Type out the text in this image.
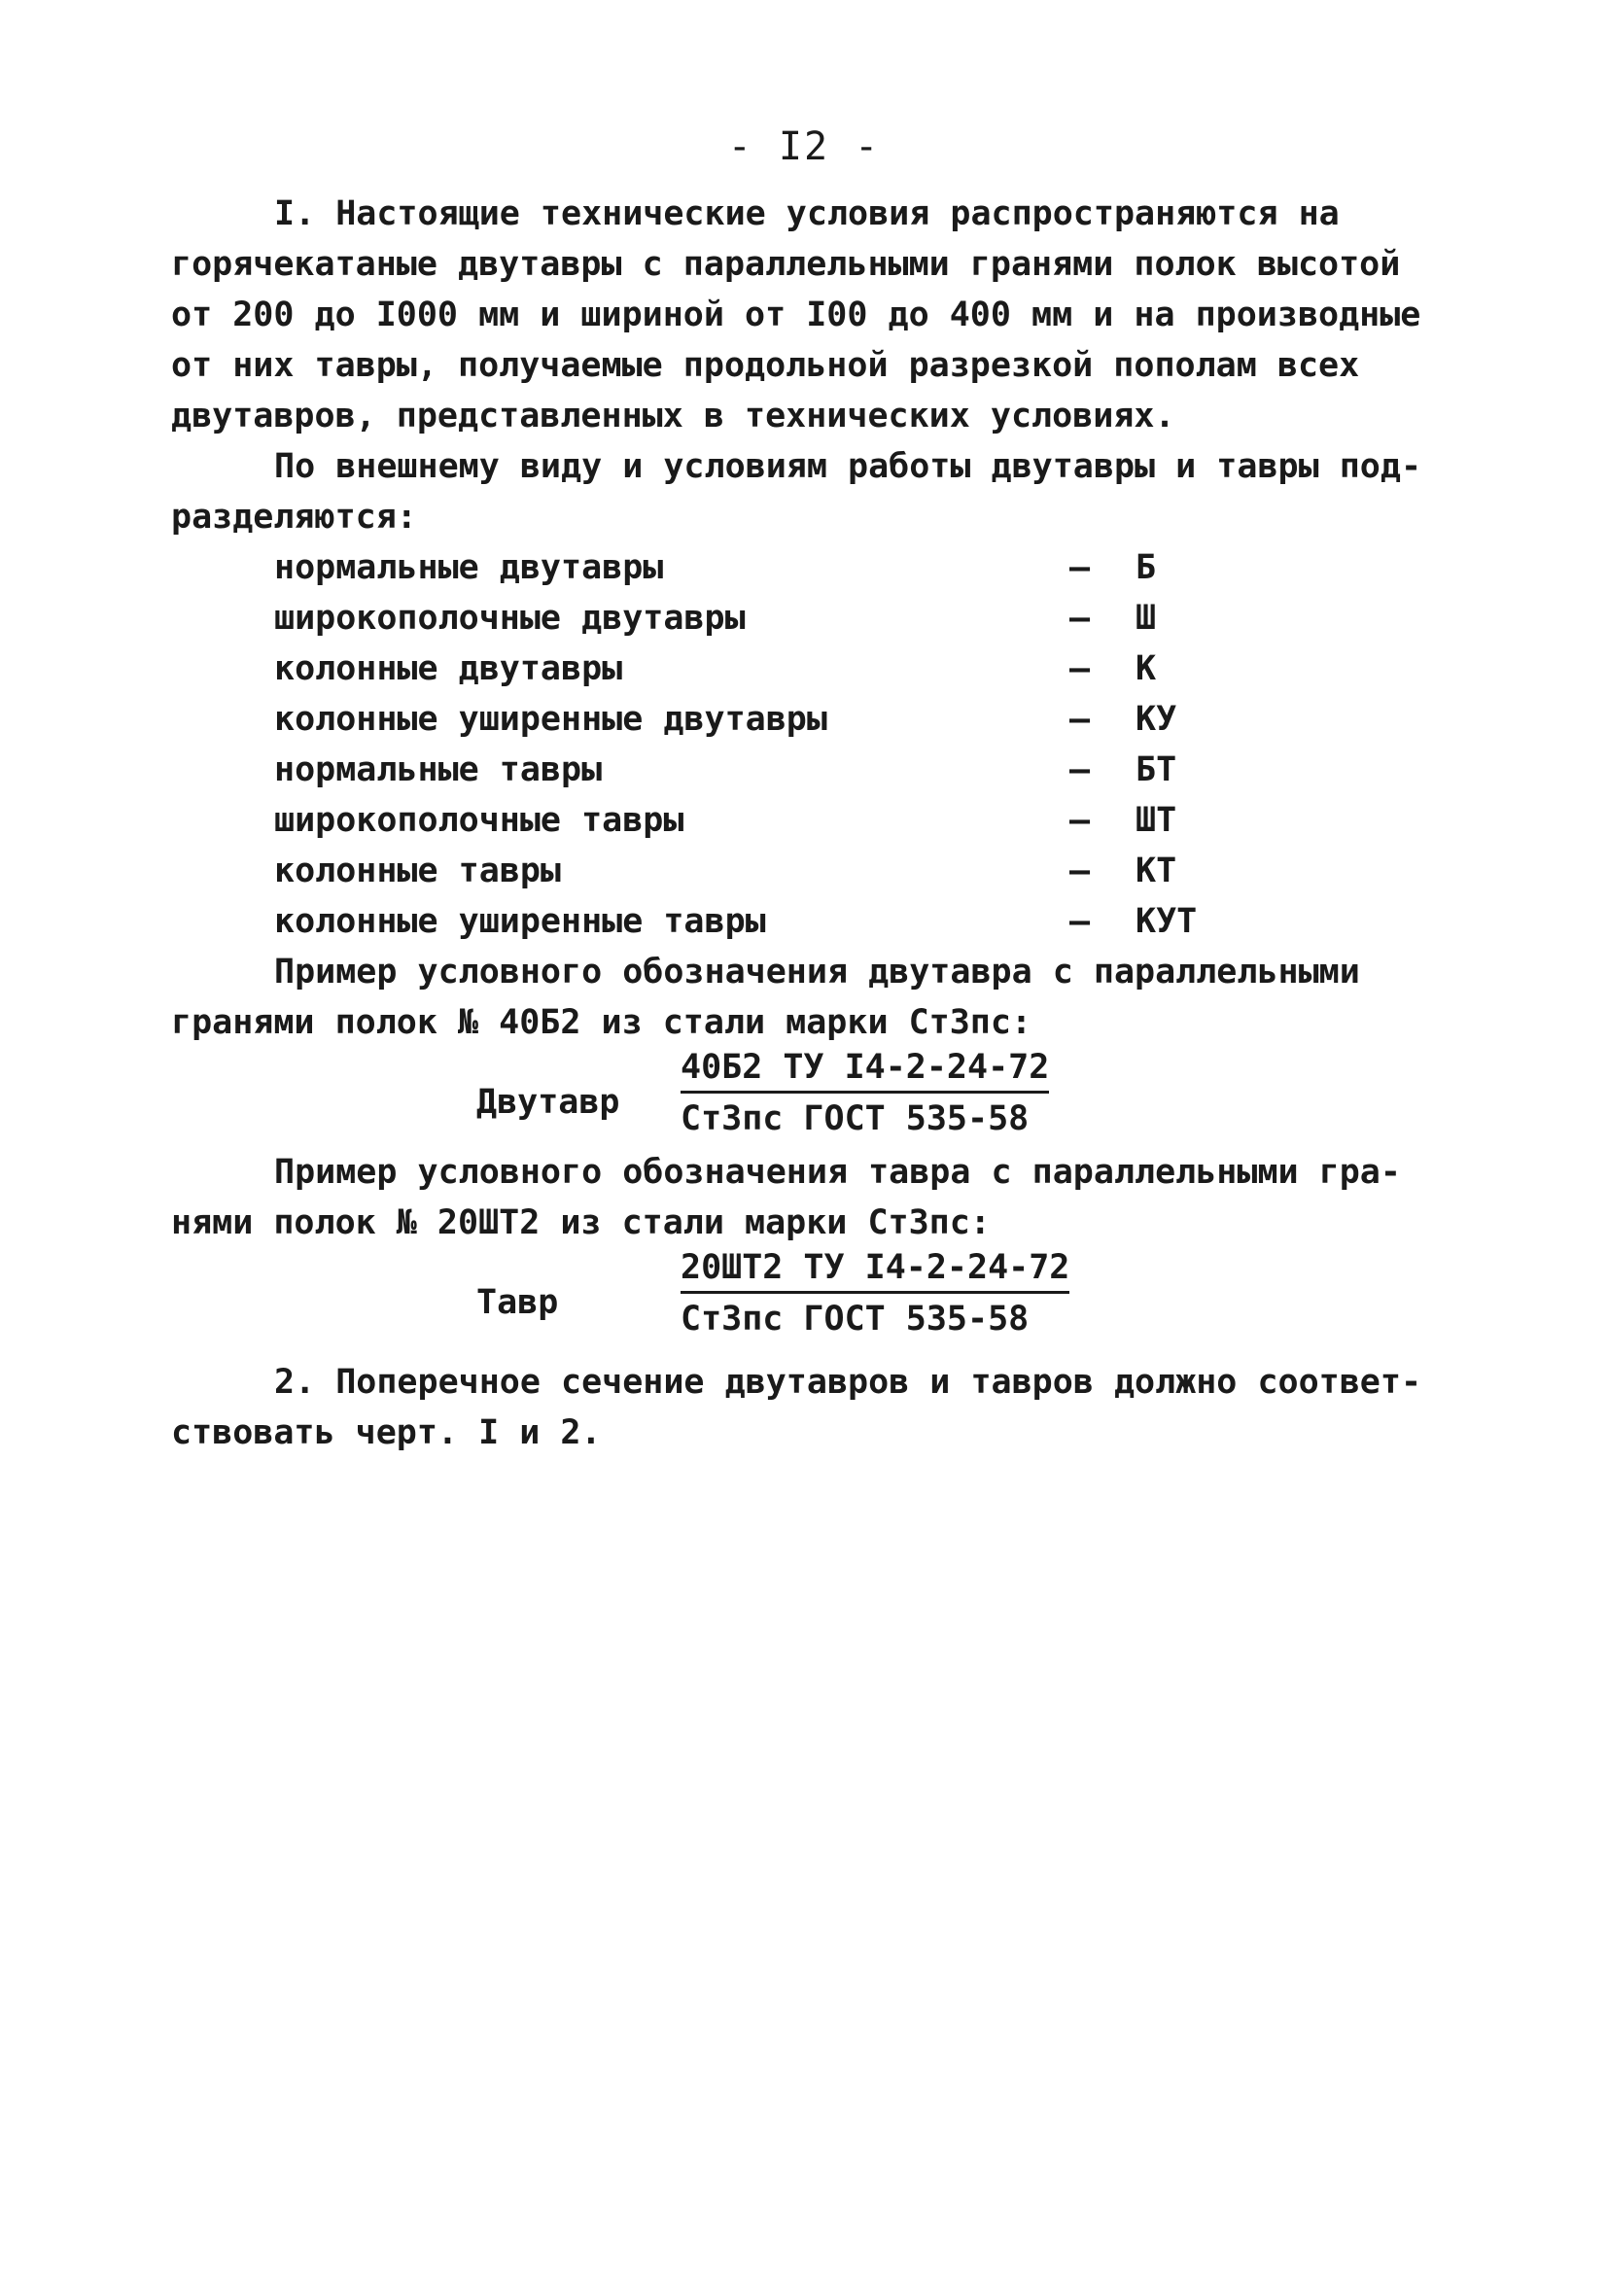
- I2 -
I. Настоящие технические условия распространяются на
горячекатаные двутавры с параллельными гранями полок высотой
от 200 до I000 мм и шириной от I00 до 400 мм и на производные
от них тавры, получаемые продольной разрезкой пополам всех
двутавров, представленных в технических условиях.
По внешнему виду и условиям работы двутавры и тавры под-
разделяются:
нормальные двутавры	– Б
широкополочные двутавры	– Ш
колонные двутавры	– К
колонные уширенные двутавры	– КУ
нормальные тавры	– БТ
широкополочные тавры	– ШТ
колонные тавры	– КТ
колонные уширенные тавры	– КУТ
Пример условного обозначения двутавра с параллельными
гранями полок № 40Б2 из стали марки Ст3пс:
Двутавр
40Б2 ТУ I4-2-24-72
Ст3пс ГОСТ 535-58
Пример условного обозначения тавра с параллельными гра-
нями полок № 20ШТ2 из стали марки Ст3пс:
Тавр
20ШТ2 ТУ I4-2-24-72
Ст3пс ГОСТ 535-58
2. Поперечное сечение двутавров и тавров должно соответ-
ствовать черт. I и 2.
